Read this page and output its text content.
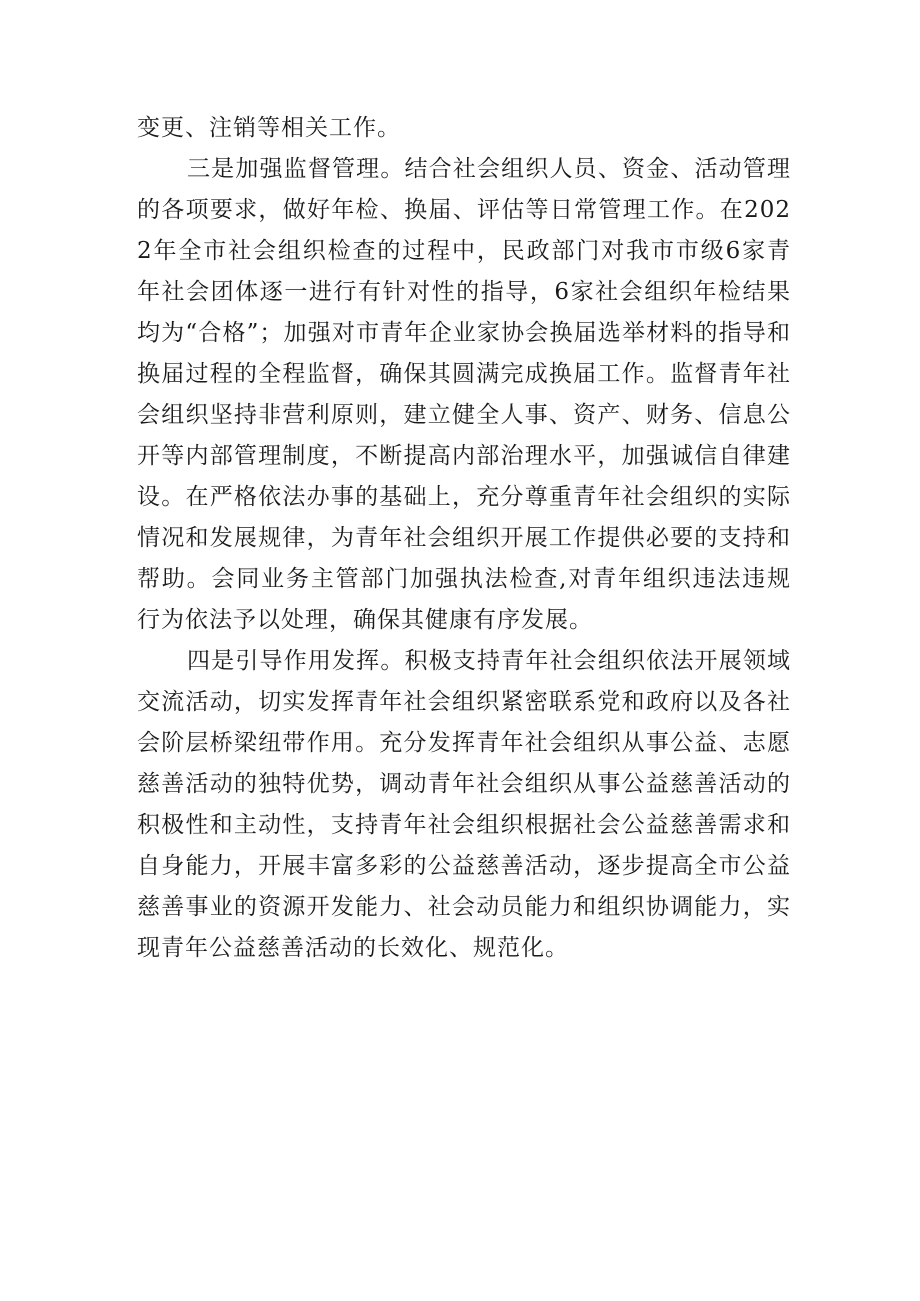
变更、注销等相关工作。

三是加强监督管理。结合社会组织人员、资金、活动管理的各项要求，做好年检、换届、评估等日常管理工作。在2022年全市社会组织检查的过程中，民政部门对我市市级6家青年社会团体逐一进行有针对性的指导，6家社会组织年检结果均为“合格”；加强对市青年企业家协会换届选举材料的指导和换届过程的全程监督，确保其圆满完成换届工作。监督青年社会组织坚持非营利原则，建立健全人事、资产、财务、信息公开等内部管理制度，不断提高内部治理水平，加强诚信自律建设。在严格依法办事的基础上，充分尊重青年社会组织的实际情况和发展规律，为青年社会组织开展工作提供必要的支持和帮助。会同业务主管部门加强执法检查,对青年组织违法违规行为依法予以处理，确保其健康有序发展。

四是引导作用发挥。积极支持青年社会组织依法开展领域交流活动，切实发挥青年社会组织紧密联系党和政府以及各社会阶层桥梁纽带作用。充分发挥青年社会组织从事公益、志愿慈善活动的独特优势，调动青年社会组织从事公益慈善活动的积极性和主动性，支持青年社会组织根据社会公益慈善需求和自身能力，开展丰富多彩的公益慈善活动，逐步提高全市公益慈善事业的资源开发能力、社会动员能力和组织协调能力，实现青年公益慈善活动的长效化、规范化。
